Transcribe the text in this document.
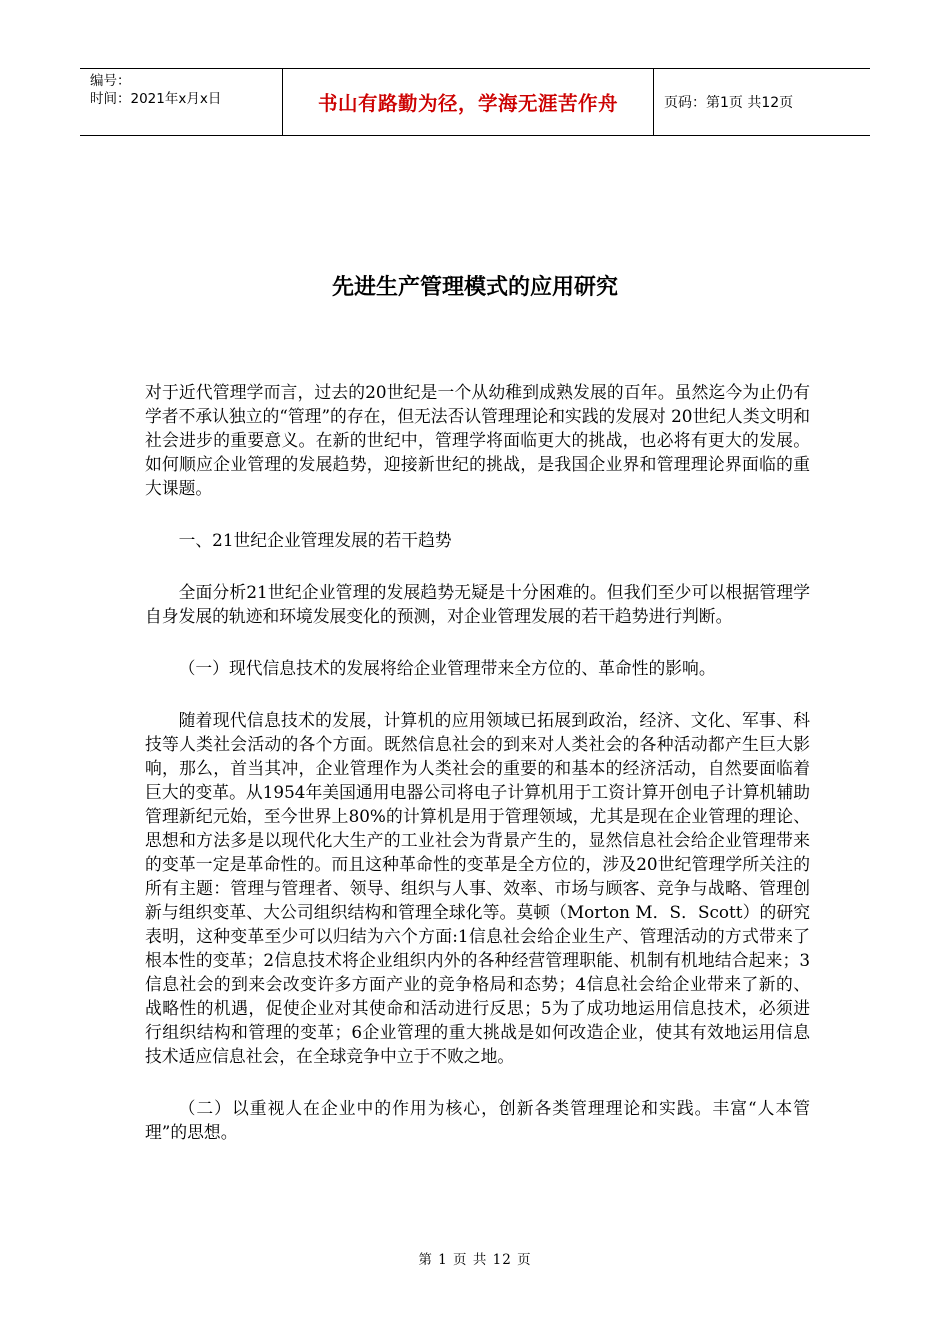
编号：
时间：2021年x月x日	书山有路勤为径，学海无涯苦作舟	页码：第1页 共12页
先进生产管理模式的应用研究

对于近代管理学而言，过去的20世纪是一个从幼稚到成熟发展的百年。虽然迄今为止仍有学者不承认独立的“管理”的存在，但无法否认管理理论和实践的发展对 20世纪人类文明和社会进步的重要意义。在新的世纪中，管理学将面临更大的挑战，也必将有更大的发展。如何顺应企业管理的发展趋势，迎接新世纪的挑战，是我国企业界和管理理论界面临的重大课题。

一、21世纪企业管理发展的若干趋势

全面分析21世纪企业管理的发展趋势无疑是十分困难的。但我们至少可以根据管理学自身发展的轨迹和环境发展变化的预测，对企业管理发展的若干趋势进行判断。

（一）现代信息技术的发展将给企业管理带来全方位的、革命性的影响。

随着现代信息技术的发展，计算机的应用领域已拓展到政治，经济、文化、军事、科技等人类社会活动的各个方面。既然信息社会的到来对人类社会的各种活动都产生巨大影响，那么，首当其冲，企业管理作为人类社会的重要的和基本的经济活动，自然要面临着巨大的变革。从1954年美国通用电器公司将电子计算机用于工资计算开创电子计算机辅助管理新纪元始，至今世界上80%的计算机是用于管理领域，尤其是现在企业管理的理论、思想和方法多是以现代化大生产的工业社会为背景产生的，显然信息社会给企业管理带来的变革一定是革命性的。而且这种革命性的变革是全方位的，涉及20世纪管理学所关注的所有主题：管理与管理者、领导、组织与人事、效率、市场与顾客、竞争与战略、管理创新与组织变革、大公司组织结构和管理全球化等。莫顿（Morton M．S．Scott）的研究表明，这种变革至少可以归结为六个方面:1信息社会给企业生产、管理活动的方式带来了根本性的变革；2信息技术将企业组织内外的各种经营管理职能、机制有机地结合起来；3信息社会的到来会改变许多方面产业的竞争格局和态势；4信息社会给企业带来了新的、战略性的机遇，促使企业对其使命和活动进行反思；5为了成功地运用信息技术，必须进行组织结构和管理的变革；6企业管理的重大挑战是如何改造企业，使其有效地运用信息技术适应信息社会，在全球竞争中立于不败之地。

（二）以重视人在企业中的作用为核心，创新各类管理理论和实践。丰富“人本管理”的思想。

第 1 页 共 12 页
